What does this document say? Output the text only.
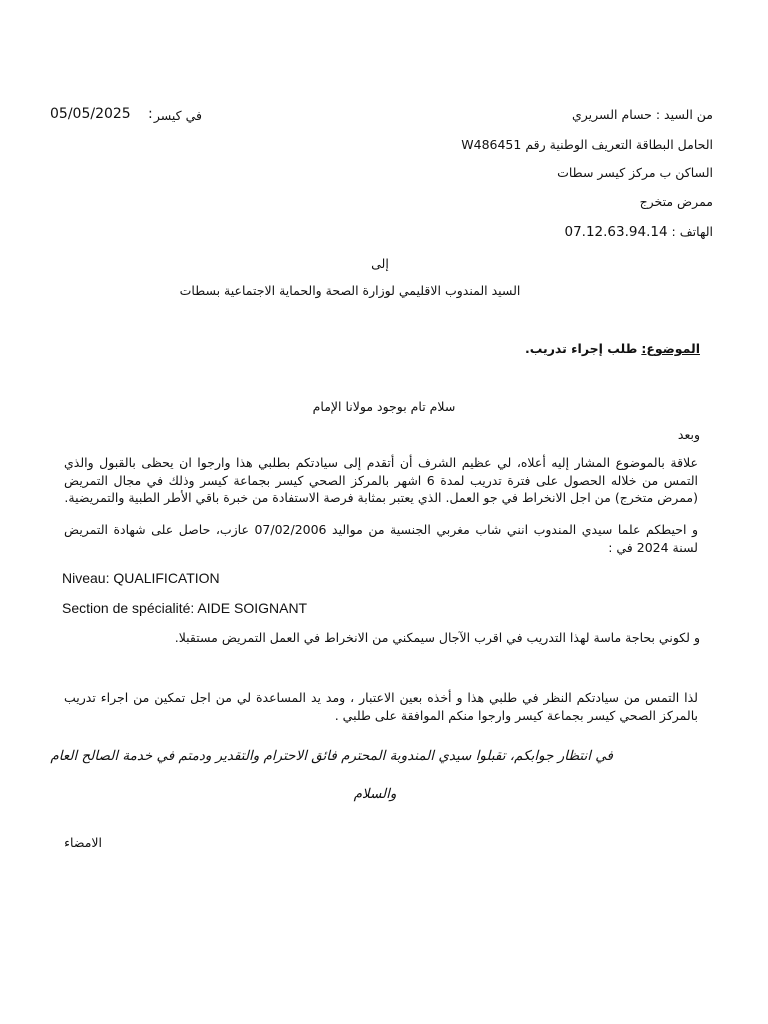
05/05/2025 : في كيسر	من السيد : حسام السريري
الحامل البطاقة التعريف الوطنية رقم W486451
الساكن ب مركز كيسر سطات
ممرض متخرج
الهاتف : 07.12.63.94.14
إلى
السيد المندوب الاقليمي لوزارة الصحة والحماية الاجتماعية بسطات
الموضوع: طلب إجراء تدريب.
سلام تام بوجود مولانا الإمام
وبعد
علاقة بالموضوع المشار إليه أعلاه، لي عظيم الشرف أن أتقدم إلى سيادتكم بطلبي هذا وارجوا ان يحظى بالقبول والذي التمس من خلاله الحصول على فترة تدريب لمدة 6 اشهر بالمركز الصحي كيسر بجماعة كيسر وذلك في مجال التمريض (ممرض متخرج) من اجل الانخراط في جو العمل. الذي يعتبر بمثابة فرصة الاستفادة من خبرة باقي الأطر الطبية والتمريضية.
و احيطكم علما سيدي المندوب انني شاب مغربي الجنسية من مواليد 07/02/2006 عازب، حاصل على شهادة التمريض لسنة 2024 في :
Niveau: QUALIFICATION
Section de spécialité: AIDE SOIGNANT
و لكوني بحاجة ماسة لهذا التدريب في اقرب الآجال سيمكني من الانخراط في العمل التمريض مستقبلا.
لذا التمس من سيادتكم النظر في طلبي هذا و أخذه بعين الاعتبار ، ومد يد المساعدة لي من اجل تمكين من اجراء تدريب بالمركز الصحي كيسر بجماعة كيسر وارجوا منكم الموافقة على طلبي .
في انتظار جوابكم، تقبلوا سيدي المندوبة المحترم فائق الاحترام والتقدير ودمتم في خدمة الصالح العام
والسلام
الامضاء
